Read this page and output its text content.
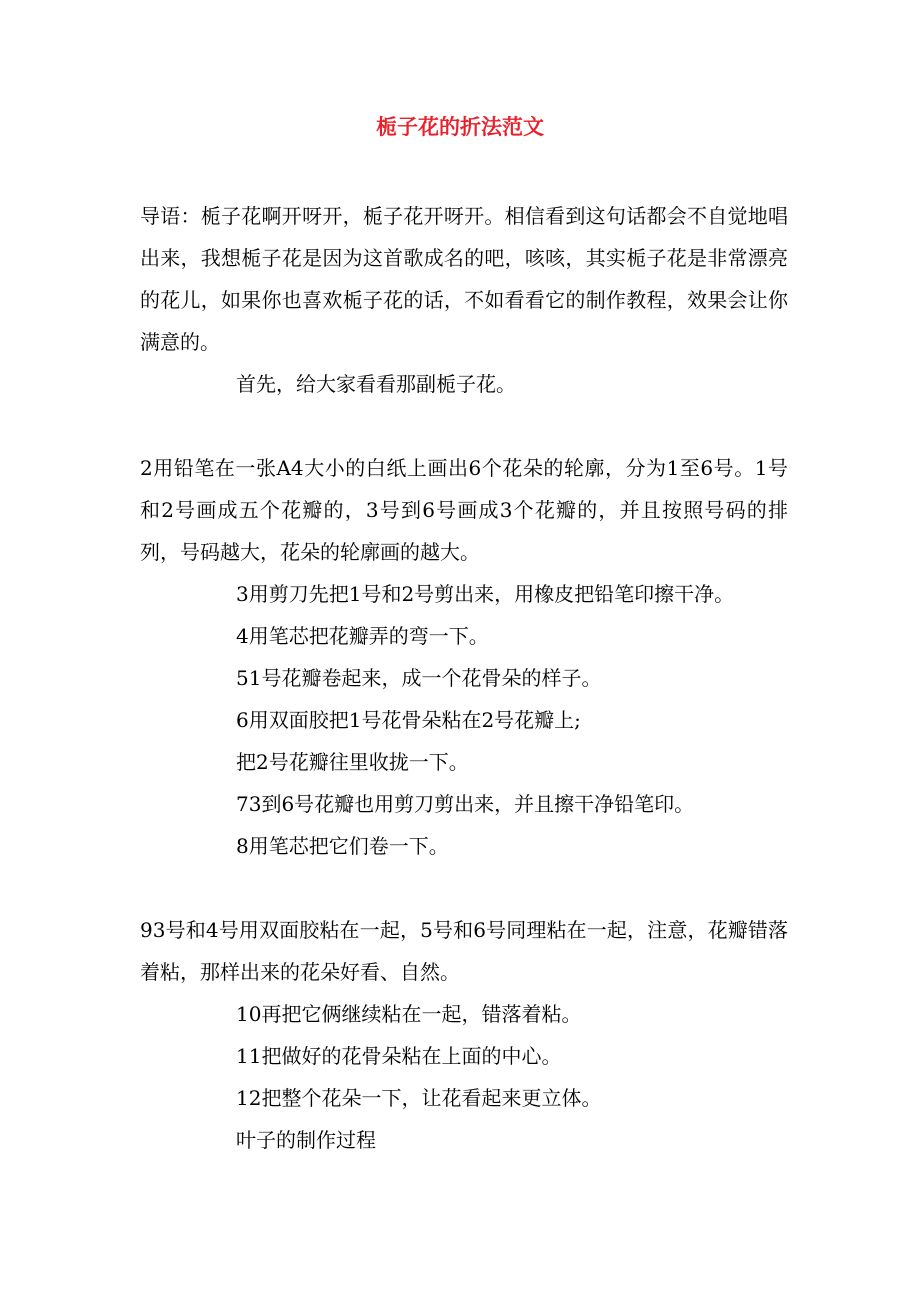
栀子花的折法范文

导语：栀子花啊开呀开，栀子花开呀开。相信看到这句话都会不自觉地唱出来，我想栀子花是因为这首歌成名的吧，咳咳，其实栀子花是非常漂亮的花儿，如果你也喜欢栀子花的话，不如看看它的制作教程，效果会让你满意的。

首先，给大家看看那副栀子花。

2用铅笔在一张A4大小的白纸上画出6个花朵的轮廓，分为1至6号。1号和2号画成五个花瓣的，3号到6号画成3个花瓣的，并且按照号码的排列，号码越大，花朵的轮廓画的越大。

3用剪刀先把1号和2号剪出来，用橡皮把铅笔印擦干净。

4用笔芯把花瓣弄的弯一下。

51号花瓣卷起来，成一个花骨朵的样子。

6用双面胶把1号花骨朵粘在2号花瓣上;

把2号花瓣往里收拢一下。

73到6号花瓣也用剪刀剪出来，并且擦干净铅笔印。

8用笔芯把它们卷一下。

93号和4号用双面胶粘在一起，5号和6号同理粘在一起，注意，花瓣错落着粘，那样出来的花朵好看、自然。

10再把它俩继续粘在一起，错落着粘。

11把做好的花骨朵粘在上面的中心。

12把整个花朵一下，让花看起来更立体。

叶子的制作过程
